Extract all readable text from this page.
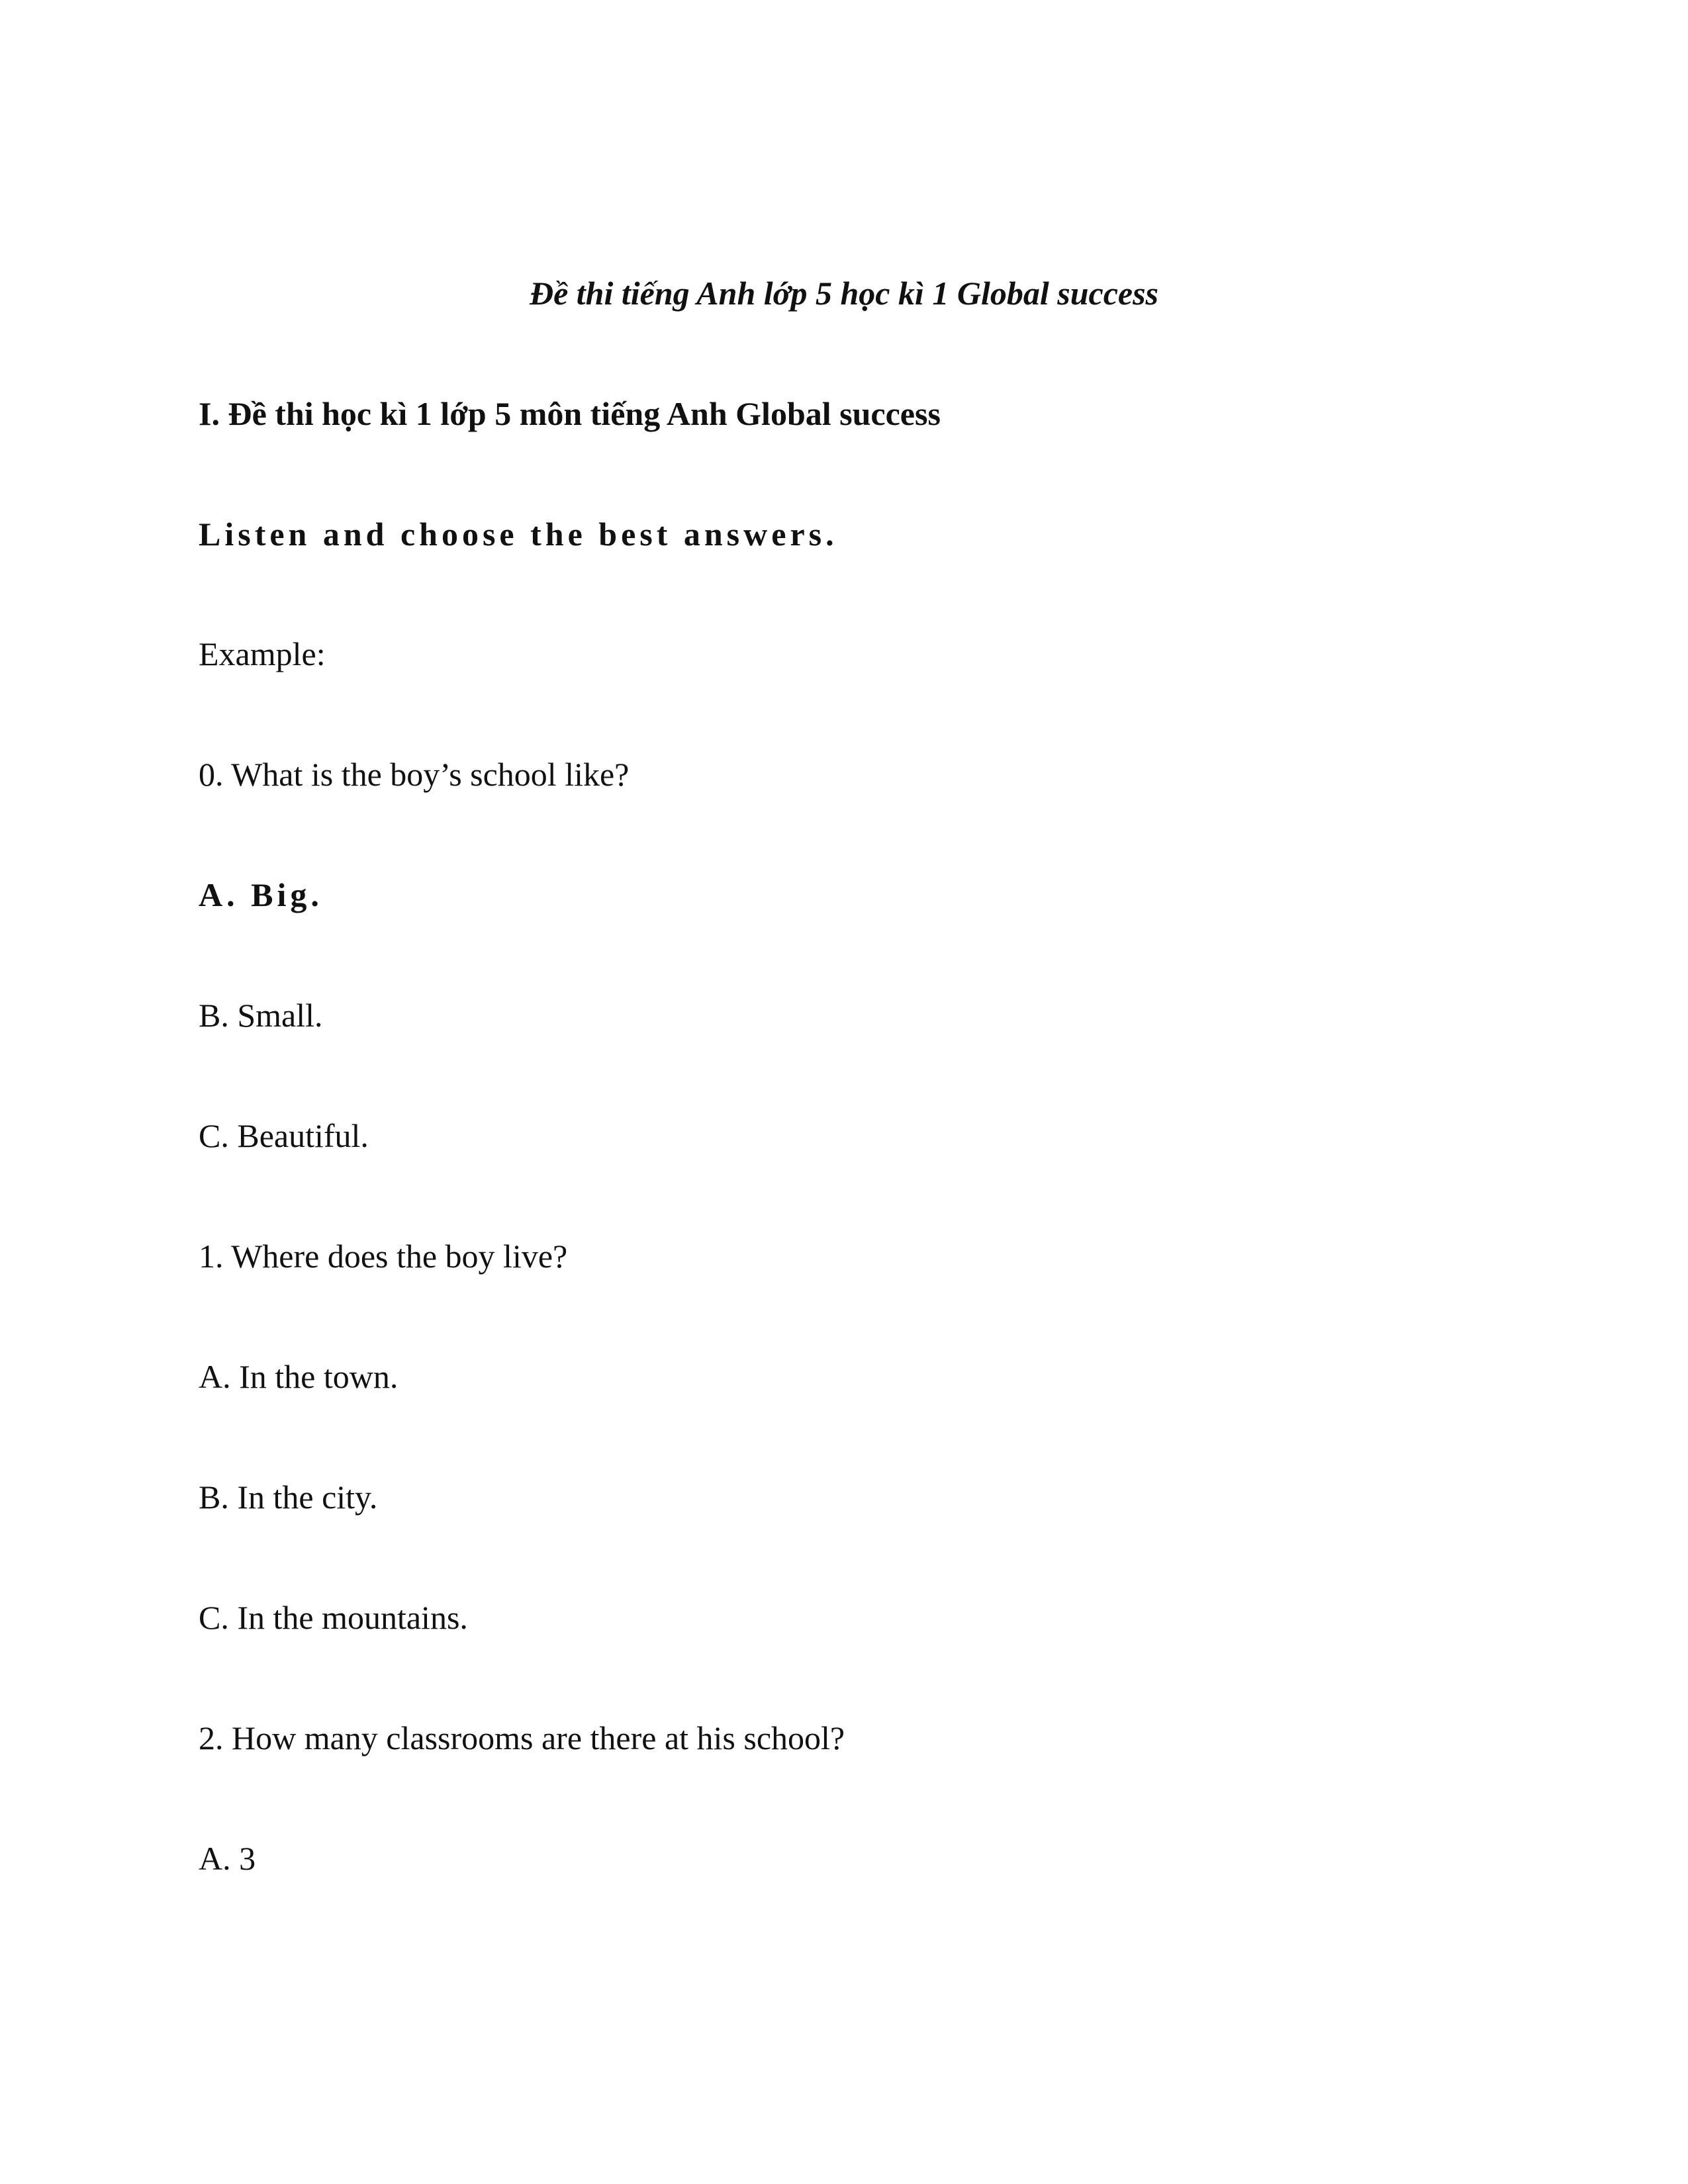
Đề thi tiếng Anh lớp 5 học kì 1 Global success
I. Đề thi học kì 1 lớp 5 môn tiếng Anh Global success
Listen and choose the best answers.
Example:
0. What is the boy’s school like?
A. Big.
B. Small.
C. Beautiful.
1. Where does the boy live?
A. In the town.
B. In the city.
C. In the mountains.
2. How many classrooms are there at his school?
A. 3
